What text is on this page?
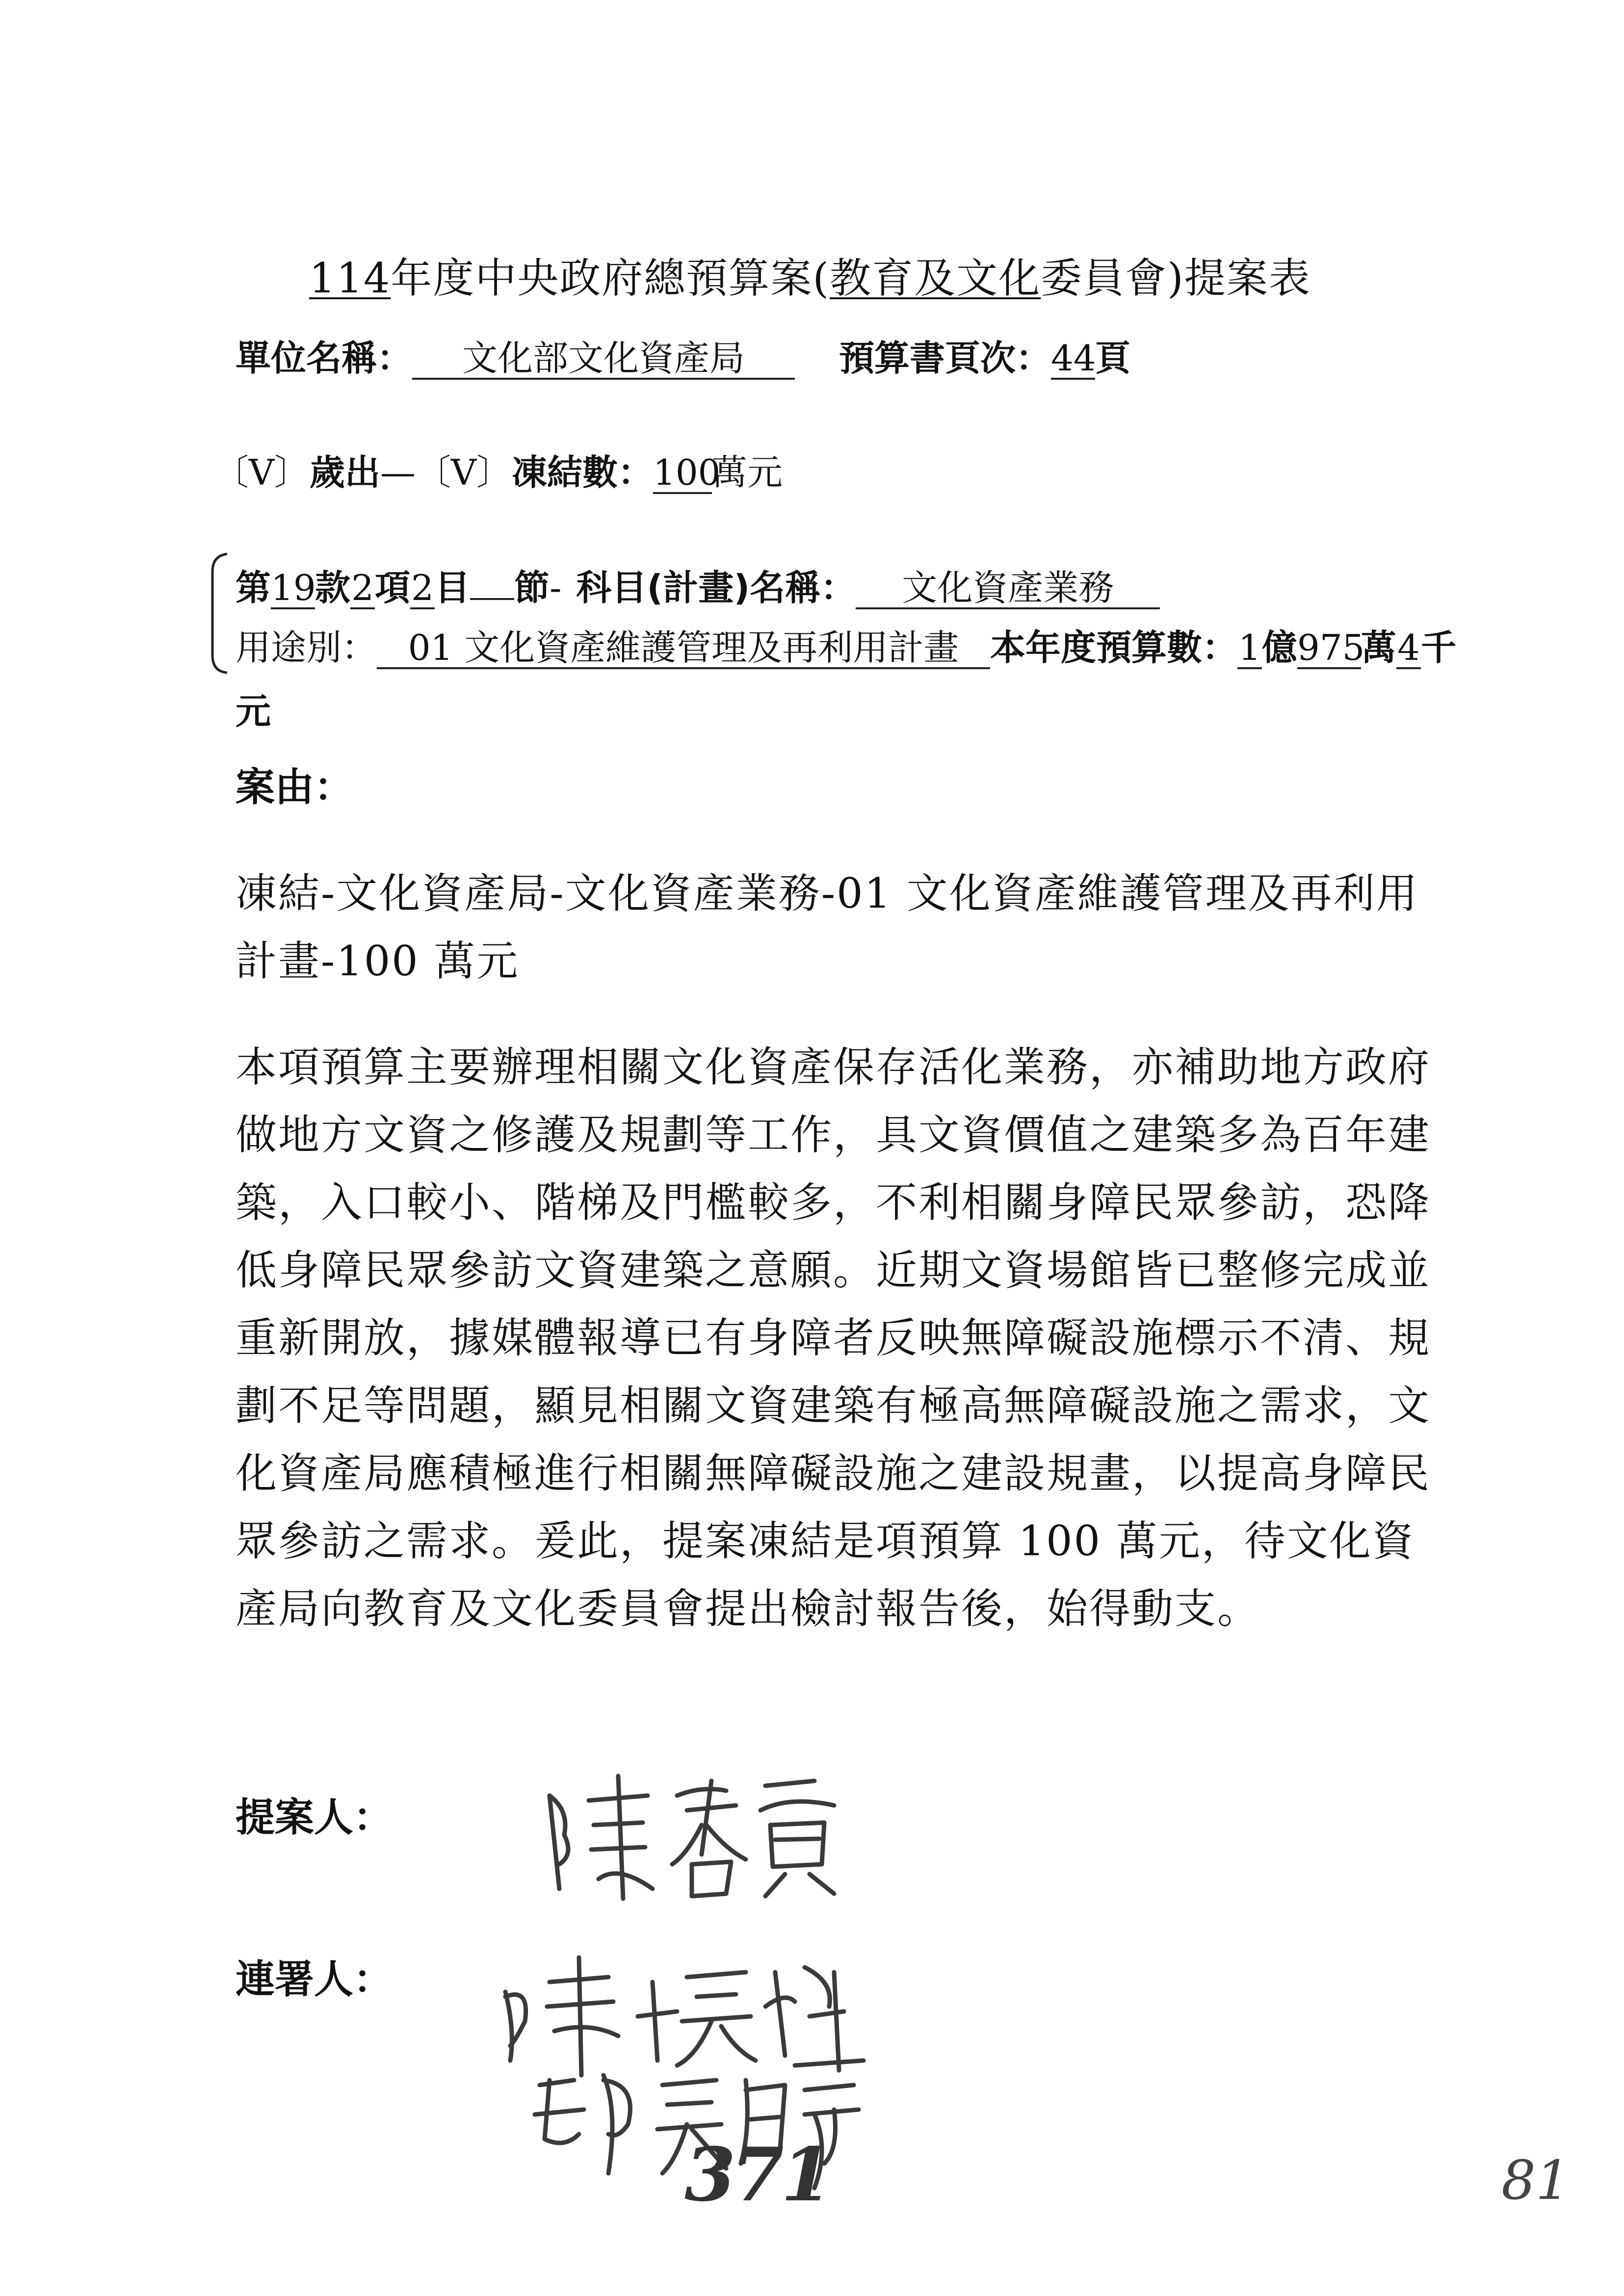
114年度中央政府總預算案(教育及文化委員會)提案表
單位名稱： 文化部文化資產局	預算書頁次：44頁
〔V〕歲出—〔V〕凍結數：100萬元
第19款2項2目 節- 科目(計畫)名稱： 文化資產業務
用途別： 01 文化資產維護管理及再利用計畫 本年度預算數：1億975萬4千
元
案由：
凍結-文化資產局-文化資產業務-01 文化資產維護管理及再利用計畫-100 萬元
本項預算主要辦理相關文化資產保存活化業務，亦補助地方政府做地方文資之修護及規劃等工作，具文資價值之建築多為百年建築，入口較小、階梯及門檻較多，不利相關身障民眾參訪，恐降低身障民眾參訪文資建築之意願。近期文資場館皆已整修完成並重新開放，據媒體報導已有身障者反映無障礙設施標示不清、規劃不足等問題，顯見相關文資建築有極高無障礙設施之需求，文化資產局應積極進行相關無障礙設施之建設規畫，以提高身障民眾參訪之需求。爰此，提案凍結是項預算 100 萬元，待文化資產局向教育及文化委員會提出檢討報告後，始得動支。
提案人：
連署人：
371	81
